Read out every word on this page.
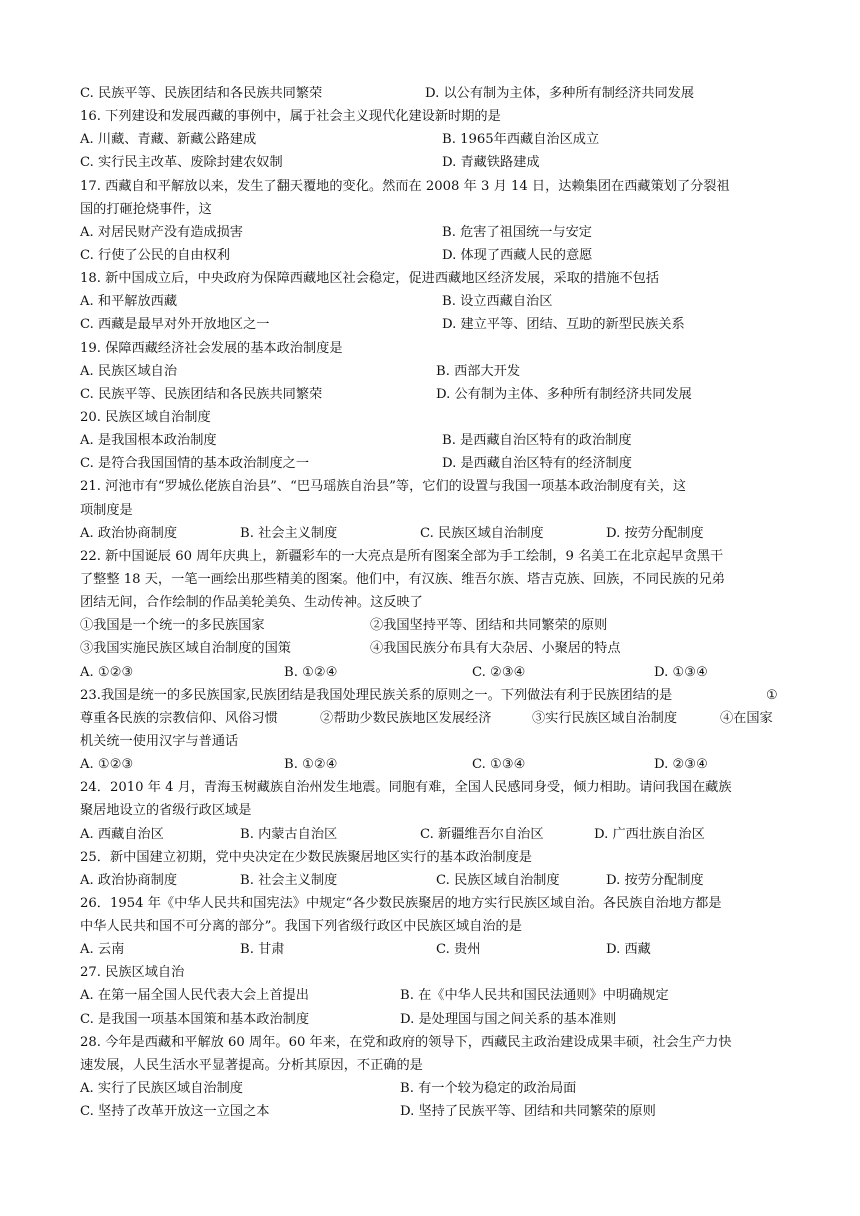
C. 民族平等、民族团结和各民族共同繁荣	D. 以公有制为主体，多种所有制经济共同发展
16. 下列建设和发展西藏的事例中，属于社会主义现代化建设新时期的是
A. 川藏、青藏、新藏公路建成	B. 1965年西藏自治区成立
C. 实行民主改革、废除封建农奴制	D. 青藏铁路建成
17. 西藏自和平解放以来，发生了翻天覆地的变化。然而在 2008 年 3 月 14 日，达赖集团在西藏策划了分裂祖
国的打砸抢烧事件，这
A. 对居民财产没有造成损害	B. 危害了祖国统一与安定
C. 行使了公民的自由权利	D. 体现了西藏人民的意愿
18. 新中国成立后，中央政府为保障西藏地区社会稳定，促进西藏地区经济发展，采取的措施不包括
A. 和平解放西藏	B. 设立西藏自治区
C. 西藏是最早对外开放地区之一	D. 建立平等、团结、互助的新型民族关系
19. 保障西藏经济社会发展的基本政治制度是
A. 民族区域自治	B. 西部大开发
C. 民族平等、民族团结和各民族共同繁荣	D. 公有制为主体、多种所有制经济共同发展
20. 民族区域自治制度
A. 是我国根本政治制度	B. 是西藏自治区特有的政治制度
C. 是符合我国国情的基本政治制度之一	D. 是西藏自治区特有的经济制度
21. 河池市有“罗城仫佬族自治县”、“巴马瑶族自治县”等，它们的设置与我国一项基本政治制度有关，这
项制度是
A. 政治协商制度	B. 社会主义制度	C. 民族区域自治制度	D. 按劳分配制度
22. 新中国诞辰 60 周年庆典上，新疆彩车的一大亮点是所有图案全部为手工绘制，9 名美工在北京起早贪黑干
了整整 18 天，一笔一画绘出那些精美的图案。他们中，有汉族、维吾尔族、塔吉克族、回族，不同民族的兄弟
团结无间，合作绘制的作品美轮美奂、生动传神。这反映了
①我国是一个统一的多民族国家	②我国坚持平等、团结和共同繁荣的原则
③我国实施民族区域自治制度的国策	④我国民族分布具有大杂居、小聚居的特点
A. ①②③	B. ①②④	C. ②③④	D. ①③④
23.我国是统一的多民族国家,民族团结是我国处理民族关系的原则之一。下列做法有利于民族团结的是	①
尊重各民族的宗教信仰、风俗习惯	②帮助少数民族地区发展经济	③实行民族区域自治制度	④在国家
机关统一使用汉字与普通话
A. ①②③	B. ①②④	C. ①③④	D. ②③④
24．2010 年 4 月，青海玉树藏族自治州发生地震。同胞有难，全国人民感同身受，倾力相助。请问我国在藏族
聚居地设立的省级行政区域是
A. 西藏自治区	B. 内蒙古自治区	C. 新疆维吾尔自治区	D. 广西壮族自治区
25．新中国建立初期，党中央决定在少数民族聚居地区实行的基本政治制度是
A. 政治协商制度	B. 社会主义制度	C. 民族区域自治制度	D. 按劳分配制度
26．1954 年《中华人民共和国宪法》中规定“各少数民族聚居的地方实行民族区域自治。各民族自治地方都是
中华人民共和国不可分离的部分”。我国下列省级行政区中民族区域自治的是
A. 云南	B. 甘肃	C. 贵州	D. 西藏
27. 民族区域自治
A. 在第一届全国人民代表大会上首提出	B. 在《中华人民共和国民法通则》中明确规定
C. 是我国一项基本国策和基本政治制度	D. 是处理国与国之间关系的基本准则
28. 今年是西藏和平解放 60 周年。60 年来，在党和政府的领导下，西藏民主政治建设成果丰硕，社会生产力快
速发展，人民生活水平显著提高。分析其原因，不正确的是
A. 实行了民族区域自治制度	B. 有一个较为稳定的政治局面
C. 坚持了改革开放这一立国之本	D. 坚持了民族平等、团结和共同繁荣的原则
